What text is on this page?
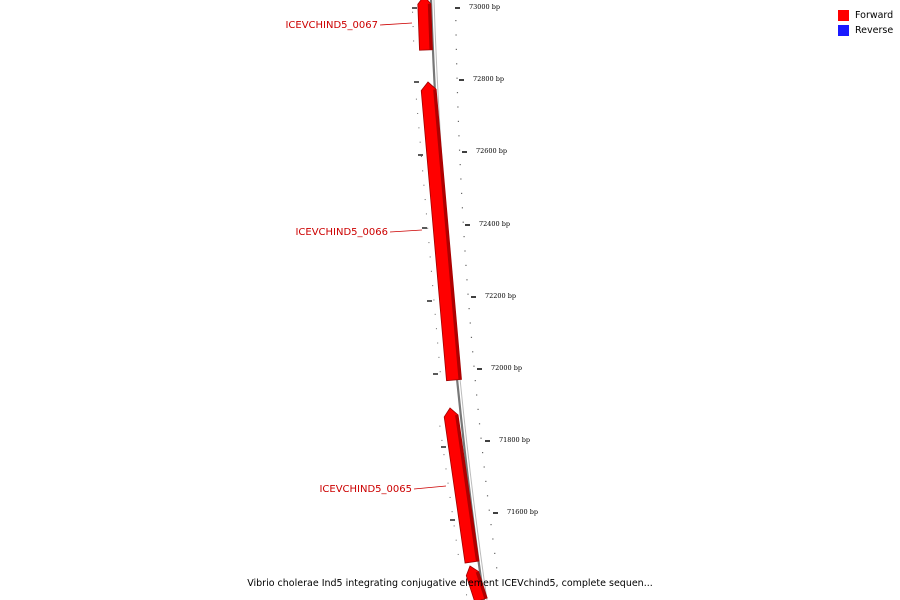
73000 bp
72800 bp
72600 bp
72400 bp
72200 bp
72000 bp
71800 bp
71600 bp
ICEVCHIND5_0067
ICEVCHIND5_0066
ICEVCHIND5_0065
Forward
Reverse
Vibrio cholerae Ind5 integrating conjugative element ICEVchind5, complete sequen...
